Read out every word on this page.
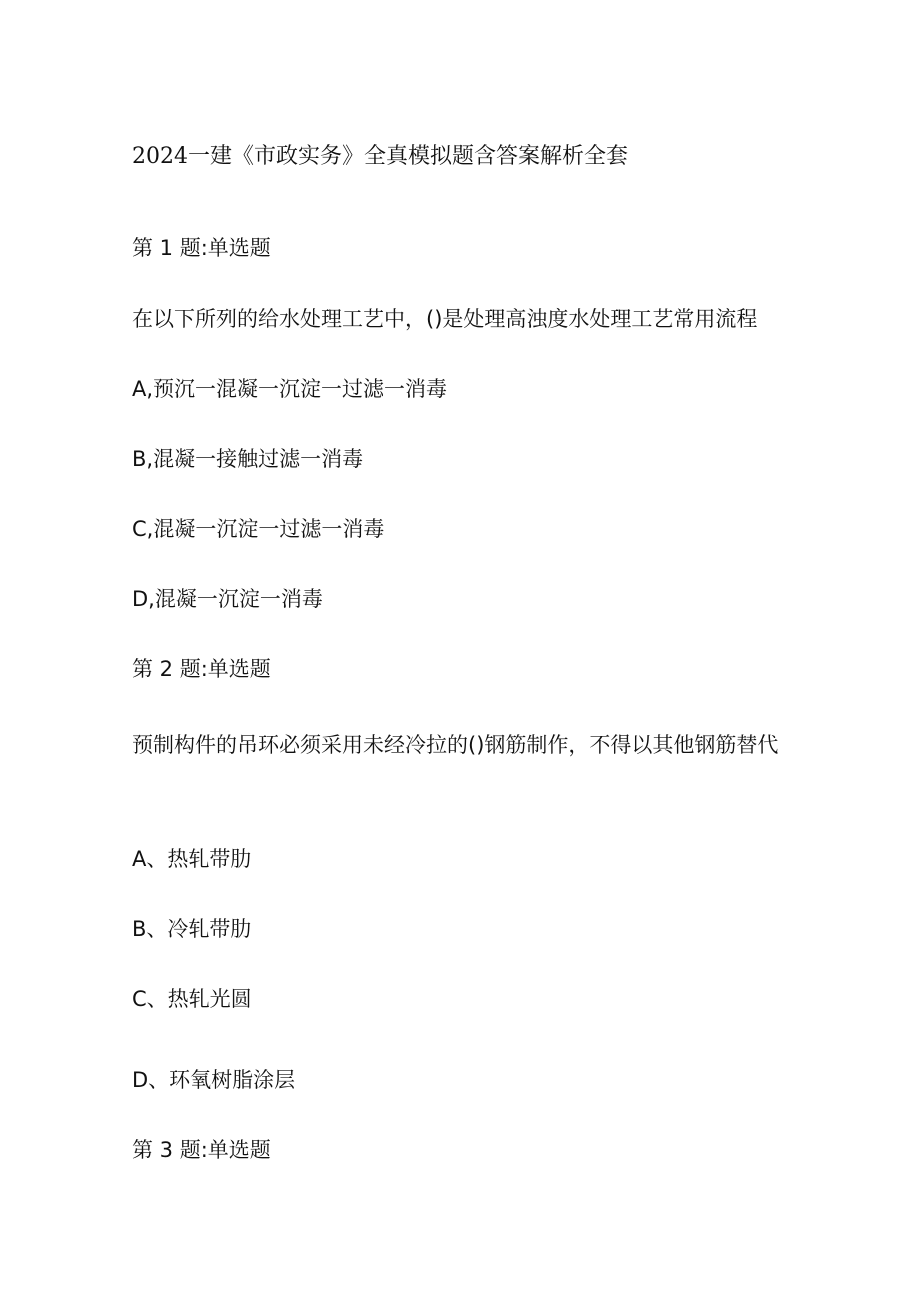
2024一建《市政实务》全真模拟题含答案解析全套
第 1 题:单选题
在以下所列的给水处理工艺中，()是处理高浊度水处理工艺常用流程
A,预沉一混凝一沉淀一过滤一消毒
B,混凝一接触过滤一消毒
C,混凝一沉淀一过滤一消毒
D,混凝一沉淀一消毒
第 2 题:单选题
预制构件的吊环必须采用未经冷拉的()钢筋制作，不得以其他钢筋替代
A、热轧带肋
B、冷轧带肋
C、热轧光圆
D、环氧树脂涂层
第 3 题:单选题
